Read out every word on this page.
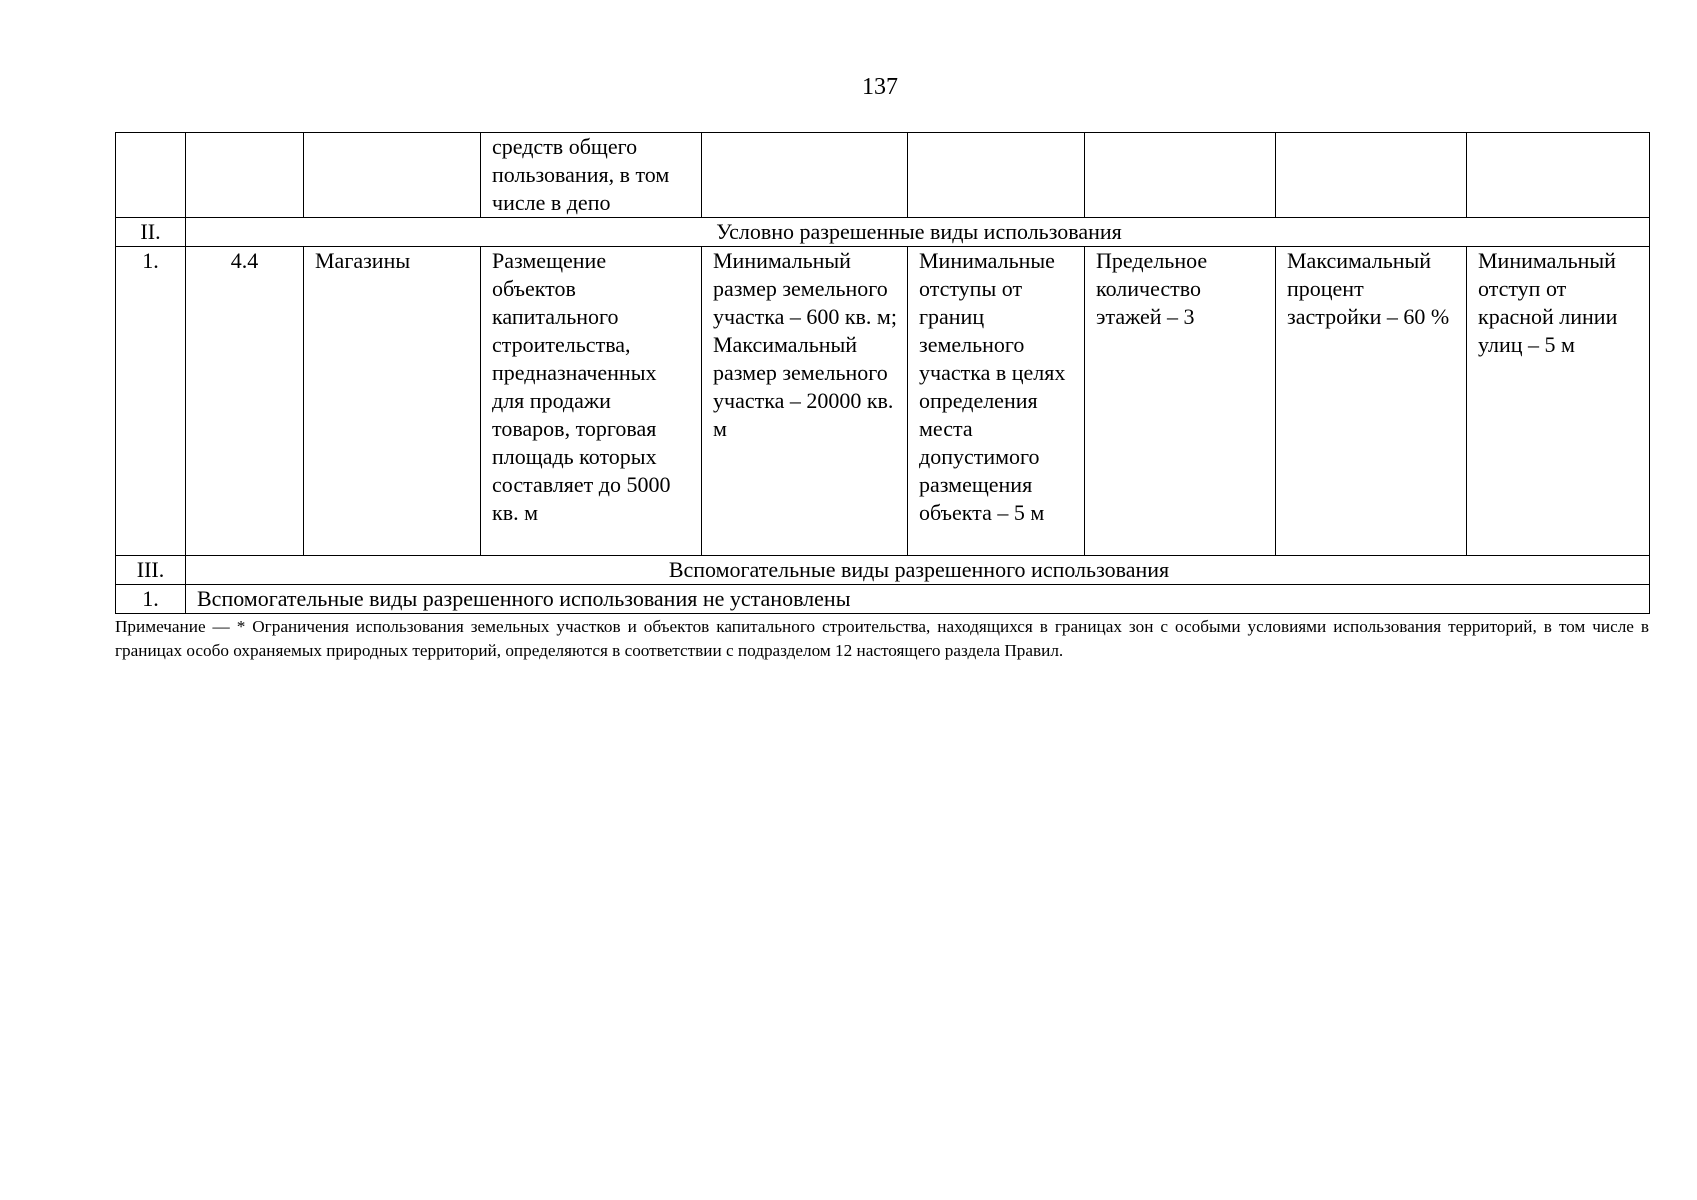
137
			средств общего пользования, в том числе в депо					
II.	Условно разрешенные виды использования							
1.	4.4	Магазины	Размещение объектов капитального строительства, предназначенных для продажи товаров, торговая площадь которых составляет до 5000 кв. м	Минимальный размер земельного участка – 600 кв. м; Максимальный размер земельного участка – 20000 кв. м	Минимальные отступы от границ земельного участка в целях определения места допустимого размещения объекта – 5 м	Предельное количество этажей – 3	Максимальный процент застройки – 60 %	Минимальный отступ от красной линии улиц – 5 м
III.	Вспомогательные виды разрешенного использования							
1.	Вспомогательные виды разрешенного использования не установлены							
Примечание — * Ограничения использования земельных участков и объектов капитального строительства, находящихся в границах зон с особыми условиями использования территорий, в том числе в границах особо охраняемых природных территорий, определяются в соответствии с подразделом 12 настоящего раздела Правил.
